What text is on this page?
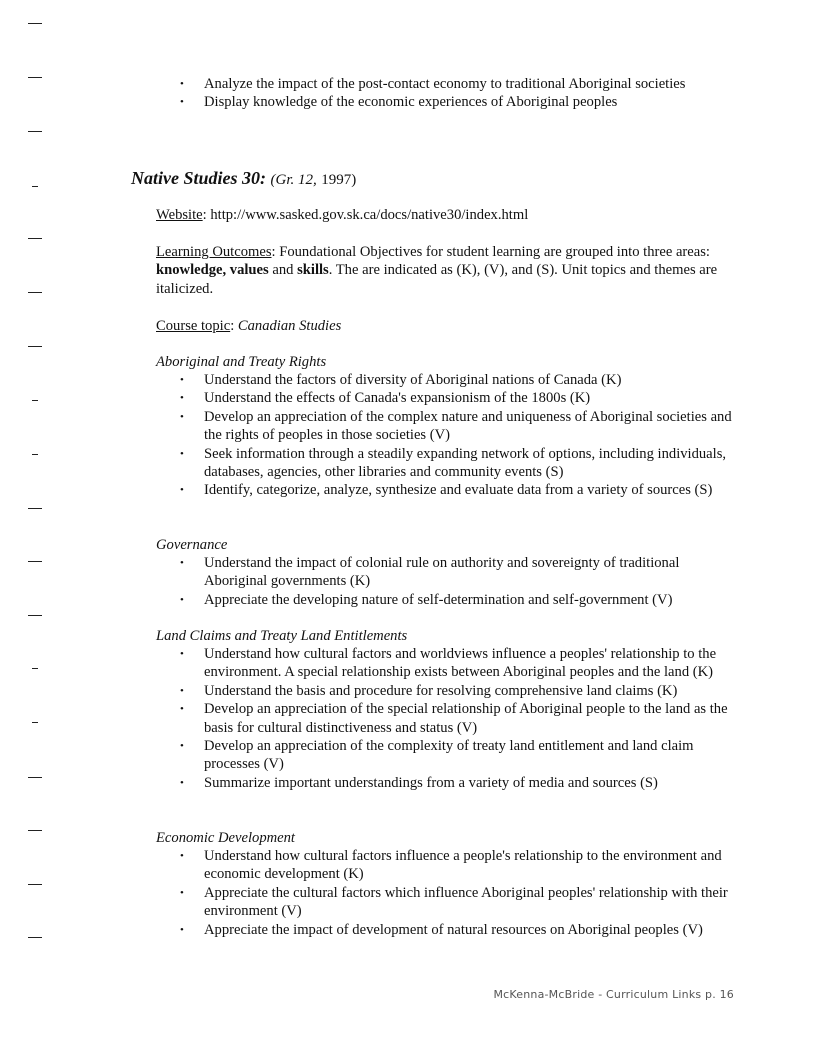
• Analyze the impact of the post-contact economy to traditional Aboriginal societies
• Display knowledge of the economic experiences of Aboriginal peoples
Native Studies 30: (Gr. 12, 1997)
Website: http://www.sasked.gov.sk.ca/docs/native30/index.html
Learning Outcomes: Foundational Objectives for student learning are grouped into three areas: knowledge, values and skills. The are indicated as (K), (V), and (S). Unit topics and themes are italicized.
Course topic: Canadian Studies
Aboriginal and Treaty Rights
• Understand the factors of diversity of Aboriginal nations of Canada (K)
• Understand the effects of Canada's expansionism of the 1800s (K)
• Develop an appreciation of the complex nature and uniqueness of Aboriginal societies and the rights of peoples in those societies (V)
• Seek information through a steadily expanding network of options, including individuals, databases, agencies, other libraries and community events (S)
• Identify, categorize, analyze, synthesize and evaluate data from a variety of sources (S)
Governance
• Understand the impact of colonial rule on authority and sovereignty of traditional Aboriginal governments (K)
• Appreciate the developing nature of self-determination and self-government (V)
Land Claims and Treaty Land Entitlements
• Understand how cultural factors and worldviews influence a peoples' relationship to the environment. A special relationship exists between Aboriginal peoples and the land (K)
• Understand the basis and procedure for resolving comprehensive land claims (K)
• Develop an appreciation of the special relationship of Aboriginal people to the land as the basis for cultural distinctiveness and status (V)
• Develop an appreciation of the complexity of treaty land entitlement and land claim processes (V)
• Summarize important understandings from a variety of media and sources (S)
Economic Development
• Understand how cultural factors influence a people's relationship to the environment and economic development (K)
• Appreciate the cultural factors which influence Aboriginal peoples' relationship with their environment (V)
• Appreciate the impact of development of natural resources on Aboriginal peoples (V)
McKenna-McBride - Curriculum Links p. 16
